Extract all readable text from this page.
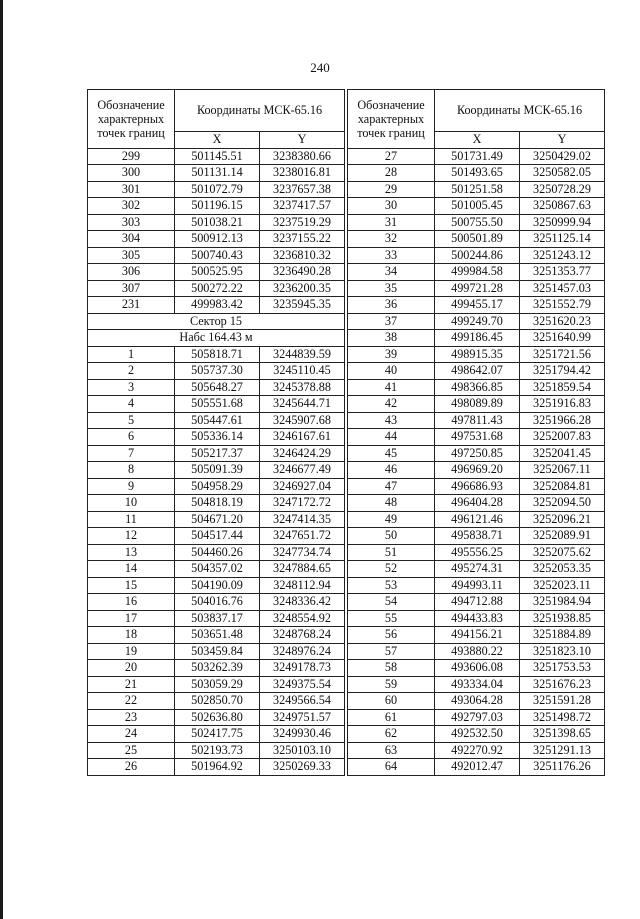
240
Обозначение характерных точек границ	Координаты МСК-65.16	
	X	Y
299	501145.51	3238380.66
300	501131.14	3238016.81
301	501072.79	3237657.38
302	501196.15	3237417.57
303	501038.21	3237519.29
304	500912.13	3237155.22
305	500740.43	3236810.32
306	500525.95	3236490.28
307	500272.22	3236200.35
231	499983.42	3235945.35
Сектор 15		
Набс 164.43 м		
1	505818.71	3244839.59
2	505737.30	3245110.45
3	505648.27	3245378.88
4	505551.68	3245644.71
5	505447.61	3245907.68
6	505336.14	3246167.61
7	505217.37	3246424.29
8	505091.39	3246677.49
9	504958.29	3246927.04
10	504818.19	3247172.72
11	504671.20	3247414.35
12	504517.44	3247651.72
13	504460.26	3247734.74
14	504357.02	3247884.65
15	504190.09	3248112.94
16	504016.76	3248336.42
17	503837.17	3248554.92
18	503651.48	3248768.24
19	503459.84	3248976.24
20	503262.39	3249178.73
21	503059.29	3249375.54
22	502850.70	3249566.54
23	502636.80	3249751.57
24	502417.75	3249930.46
25	502193.73	3250103.10
26	501964.92	3250269.33
Обозначение характерных точек границ	Координаты МСК-65.16	
	X	Y
27	501731.49	3250429.02
28	501493.65	3250582.05
29	501251.58	3250728.29
30	501005.45	3250867.63
31	500755.50	3250999.94
32	500501.89	3251125.14
33	500244.86	3251243.12
34	499984.58	3251353.77
35	499721.28	3251457.03
36	499455.17	3251552.79
37	499249.70	3251620.23
38	499186.45	3251640.99
39	498915.35	3251721.56
40	498642.07	3251794.42
41	498366.85	3251859.54
42	498089.89	3251916.83
43	497811.43	3251966.28
44	497531.68	3252007.83
45	497250.85	3252041.45
46	496969.20	3252067.11
47	496686.93	3252084.81
48	496404.28	3252094.50
49	496121.46	3252096.21
50	495838.71	3252089.91
51	495556.25	3252075.62
52	495274.31	3252053.35
53	494993.11	3252023.11
54	494712.88	3251984.94
55	494433.83	3251938.85
56	494156.21	3251884.89
57	493880.22	3251823.10
58	493606.08	3251753.53
59	493334.04	3251676.23
60	493064.28	3251591.28
61	492797.03	3251498.72
62	492532.50	3251398.65
63	492270.92	3251291.13
64	492012.47	3251176.26
